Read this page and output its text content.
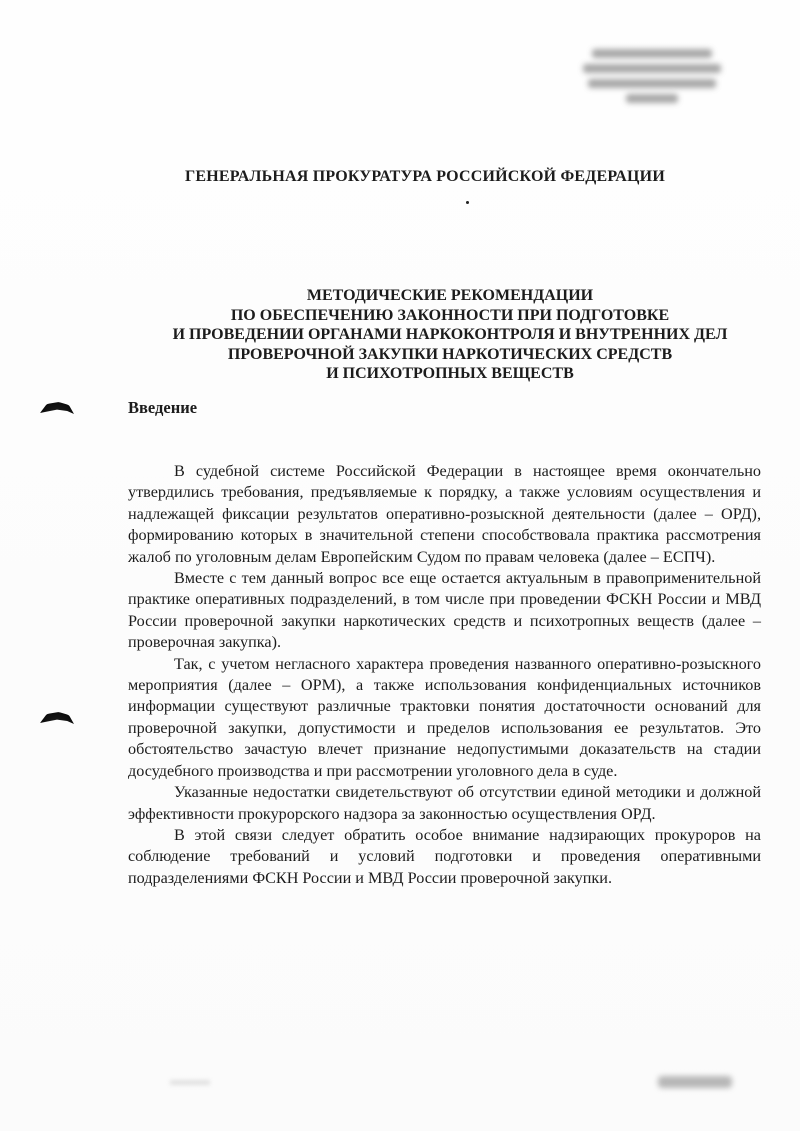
ГЕНЕРАЛЬНАЯ ПРОКУРАТУРА РОССИЙСКОЙ ФЕДЕРАЦИИ
МЕТОДИЧЕСКИЕ РЕКОМЕНДАЦИИ
ПО ОБЕСПЕЧЕНИЮ ЗАКОННОСТИ ПРИ ПОДГОТОВКЕ
И ПРОВЕДЕНИИ ОРГАНАМИ НАРКОКОНТРОЛЯ И ВНУТРЕННИХ ДЕЛ
ПРОВЕРОЧНОЙ ЗАКУПКИ НАРКОТИЧЕСКИХ СРЕДСТВ
И ПСИХОТРОПНЫХ ВЕЩЕСТВ
Введение

В судебной системе Российской Федерации в настоящее время окончательно утвердились требования, предъявляемые к порядку, а также условиям осуществления и надлежащей фиксации результатов оперативно-розыскной деятельности (далее – ОРД), формированию которых в значительной степени способствовала практика рассмотрения жалоб по уголовным делам Европейским Судом по правам человека (далее – ЕСПЧ).

Вместе с тем данный вопрос все еще остается актуальным в правоприменительной практике оперативных подразделений, в том числе при проведении ФСКН России и МВД России проверочной закупки наркотических средств и психотропных веществ (далее – проверочная закупка).

Так, с учетом негласного характера проведения названного оперативно-розыскного мероприятия (далее – ОРМ), а также использования конфиденциальных источников информации существуют различные трактовки понятия достаточности оснований для проверочной закупки, допустимости и пределов использования ее результатов. Это обстоятельство зачастую влечет признание недопустимыми доказательств на стадии досудебного производства и при рассмотрении уголовного дела в суде.

Указанные недостатки свидетельствуют об отсутствии единой методики и должной эффективности прокурорского надзора за законностью осуществления ОРД.

В этой связи следует обратить особое внимание надзирающих прокуроров на соблюдение требований и условий подготовки и проведения оперативными подразделениями ФСКН России и МВД России проверочной закупки.
